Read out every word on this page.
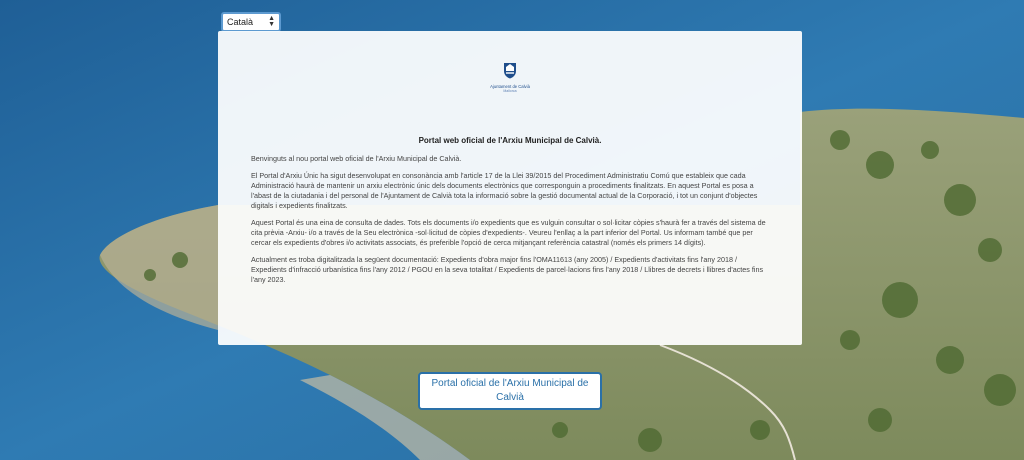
Català ▲
▼
Ajuntament de Calvià
Mallorca
Portal web oficial de l'Arxiu Municipal de Calvià.

Benvinguts al nou portal web oficial de l'Arxiu Municipal de Calvià.

El Portal d'Arxiu Únic ha sigut desenvolupat en consonància amb l'article 17 de la Llei 39/2015 del Procediment Administratiu Comú que estableix que cada Administració haurà de mantenir un arxiu electrònic únic dels documents electrònics que corresponguin a procediments finalitzats. En aquest Portal es posa a l'abast de la ciutadania i del personal de l'Ajuntament de Calvià tota la informació sobre la gestió documental actual de la Corporació, i tot un conjunt d'objectes digitals i expedients finalitzats.

Aquest Portal és una eina de consulta de dades. Tots els documents i/o expedients que es vulguin consultar o sol·licitar còpies s'haurà fer a través del sistema de cita prèvia -Arxiu- i/o a través de la Seu electrònica -sol·licitud de còpies d'expedients-. Veureu l'enllaç a la part inferior del Portal. Us informam també que per cercar els expedients d'obres i/o activitats associats, és preferible l'opció de cerca mitjançant referència catastral (només els primers 14 dígits).

Actualment es troba digitalitzada la següent documentació: Expedients d'obra major fins l'OMA11613 (any 2005) / Expedients d'activitats fins l'any 2018 / Expedients d'infracció urbanística fins l'any 2012 / PGOU en la seva totalitat / Expedients de parcel·lacions fins l'any 2018 / Llibres de decrets i llibres d'actes fins l'any 2023.

Portal oficial de l'Arxiu Municipal de Calvià
